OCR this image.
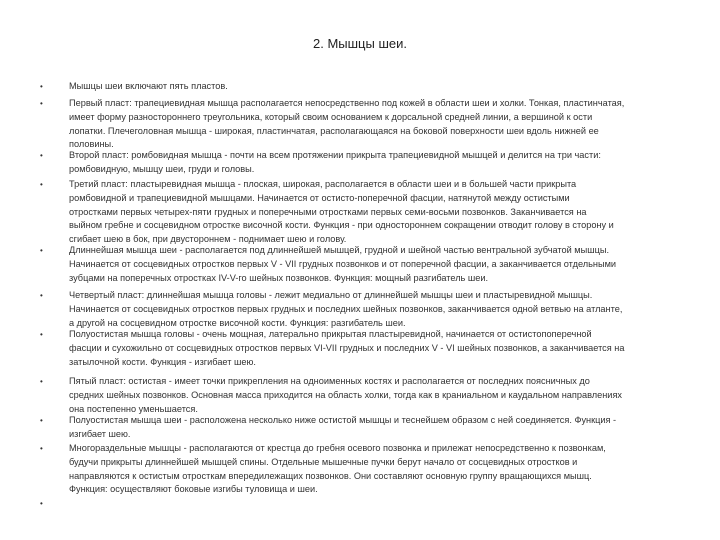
2. Мышцы шеи.
•	Мышцы шеи включают пять пластов.
•	Первый пласт: трапециевидная мышца располагается непосредственно под кожей в области шеи и холки. Тонкая, пластинчатая,
имеет форму разностороннего треугольника, который своим основанием к дорсальной средней линии, а вершиной к ости
лопатки. Плечеголовная мышца - широкая, пластинчатая, располагающаяся на боковой поверхности шеи вдоль нижней ее
половины.
•	Второй пласт: ромбовидная мышца - почти на всем протяжении прикрыта трапециевидной мышцей и делится на три части:
ромбовидную, мышцу шеи, груди и головы.
•	Третий пласт: пластыревидная мышца - плоская, широкая, располагается в области шеи и в большей части прикрыта
ромбовидной и трапециевидной мышцами. Начинается от остисто-поперечной фасции, натянутой между остистыми
отростками первых четырех-пяти грудных и поперечными отростками первых семи-восьми позвонков. Заканчивается на
выйном гребне и сосцевидном отростке височной кости. Функция - при одностороннем сокращении отводит голову в сторону и
сгибает шею в бок, при двустороннем - поднимает шею и голову.
•	Длиннейшая мышца шеи - располагается под длиннейшей мышцей, грудной и шейной частью вентральной зубчатой мышцы.
Начинается от сосцевидных отростков первых V - VII грудных позвонков и от поперечной фасции, а заканчивается отдельными
зубцами на поперечных отростках IV-V-го шейных позвонков. Функция: мощный разгибатель шеи.
•	Четвертый пласт: длиннейшая мышца головы - лежит медиально от длиннейшей мышцы шеи и пластыревидной мышцы.
Начинается от сосцевидных отростков первых грудных и последних шейных позвонков, заканчивается одной ветвью на атланте,
а другой на сосцевидном отростке височной кости. Функция: разгибатель шеи.
•	Полуостистая мышца головы - очень мощная, латерально прикрытая пластыревидной, начинается от остистопоперечной
фасции и сухожильно от сосцевидных отростков первых VI-VII грудных и последних V - VI шейных позвонков, а заканчивается на
затылочной кости. Функция - изгибает шею.
•	Пятый пласт: остистая - имеет точки прикрепления на одноименных костях и располагается от последних поясничных до
средних шейных позвонков. Основная масса приходится на область холки, тогда как в краниальном и каудальном направлениях
она постепенно уменьшается.
•	Полуостистая мышца шеи - расположена несколько ниже остистой мышцы и теснейшем образом с ней соединяется. Функция -
изгибает шею.
•	Многораздельные мышцы - располагаются от крестца до гребня осевого позвонка и прилежат непосредственно к позвонкам,
будучи прикрыты длиннейшей мышцей спины. Отдельные мышечные пучки берут начало от сосцевидных отростков и
направляются к остистым отросткам впередилежащих позвонков. Они составляют основную группу вращающихся мышц.
Функция: осуществляют боковые изгибы туловища и шеи.
•
